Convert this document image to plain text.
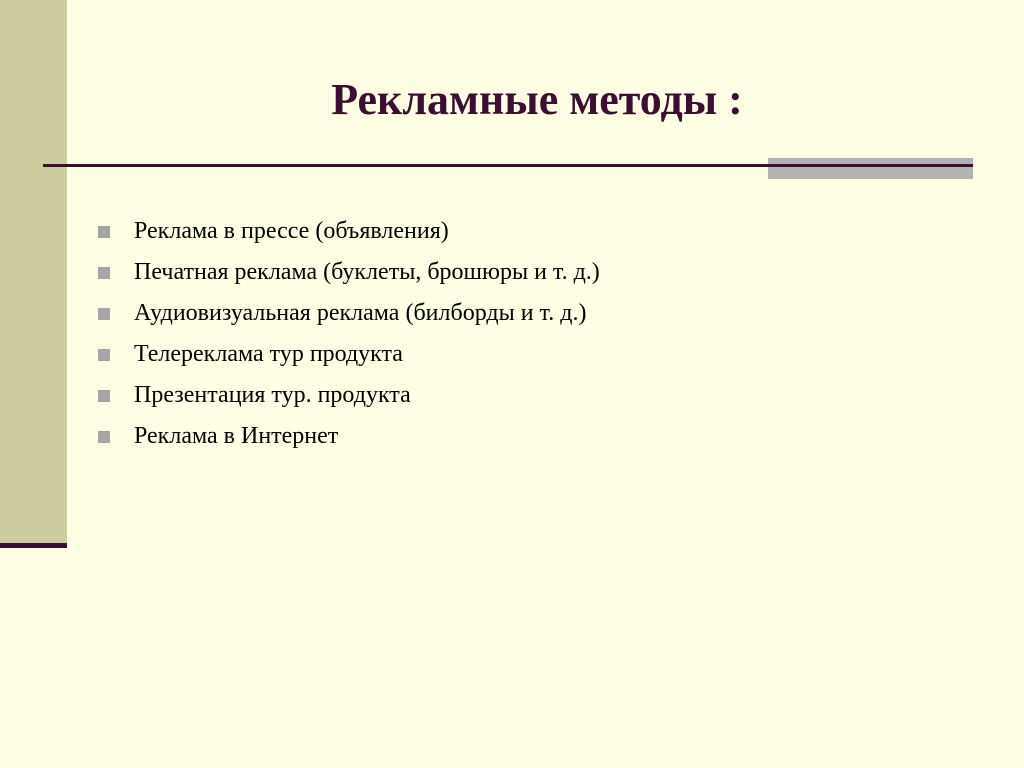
Рекламные методы :
Реклама в прессе (объявления)
Печатная реклама (буклеты, брошюры и т. д.)
Аудиовизуальная реклама (билборды и т. д.)
Телереклама тур продукта
Презентация тур. продукта
Реклама в Интернет
